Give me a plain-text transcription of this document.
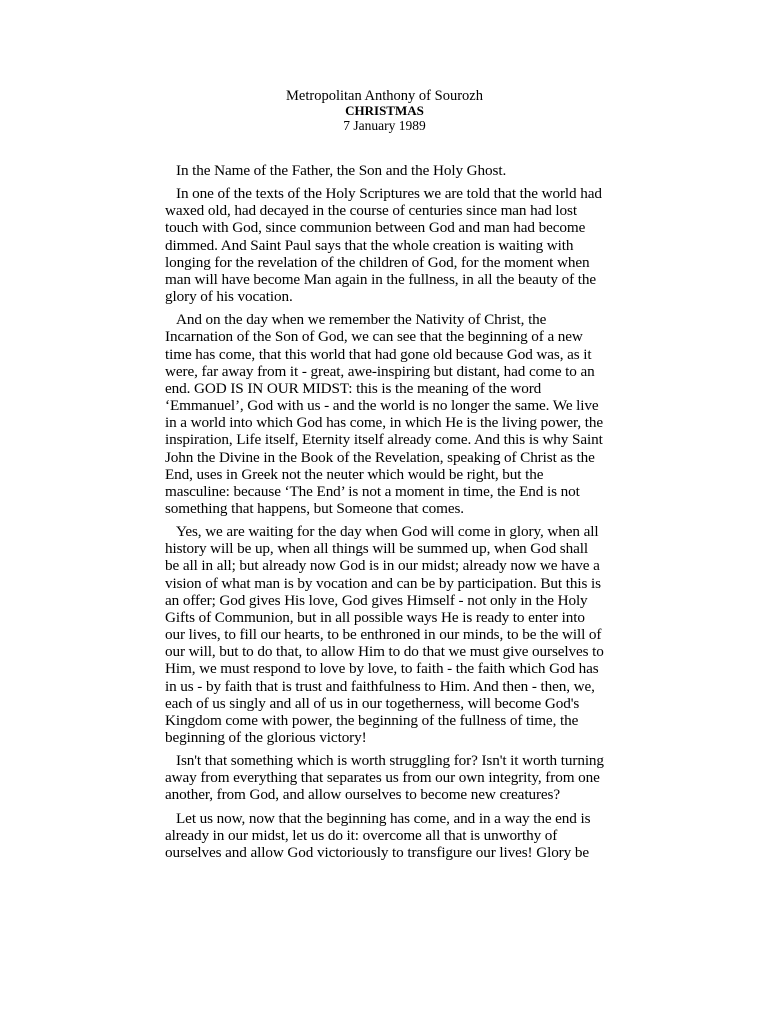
Metropolitan Anthony of Sourozh
CHRISTMAS
7 January 1989

In the Name of the Father, the Son and the Holy Ghost.

In one of the texts of the Holy Scriptures we are told that the world had waxed old, had decayed in the course of centuries since man had lost touch with God, since communion between God and man had become dimmed. And Saint Paul says that the whole creation is waiting with longing for the revelation of the children of God, for the moment when man will have become Man again in the fullness, in all the beauty of the glory of his vocation.

And on the day when we remember the Nativity of Christ, the Incarnation of the Son of God, we can see that the beginning of a new time has come, that this world that had gone old because God was, as it were, far away from it - great, awe-inspiring but distant, had come to an end. GOD IS IN OUR MIDST: this is the meaning of the word ‘Emmanuel’, God with us - and the world is no longer the same. We live in a world into which God has come, in which He is the living power, the inspiration, Life itself, Eternity itself already come. And this is why Saint John the Divine in the Book of the Revelation, speaking of Christ as the End, uses in Greek not the neuter which would be right, but the masculine: because ‘The End’ is not a moment in time, the End is not something that happens, but Someone that comes.

Yes, we are waiting for the day when God will come in glory, when all history will be up, when all things will be summed up, when God shall be all in all; but already now God is in our midst; already now we have a vision of what man is by vocation and can be by participation. But this is an offer; God gives His love, God gives Himself - not only in the Holy Gifts of Communion, but in all possible ways He is ready to enter into our lives, to fill our hearts, to be enthroned in our minds, to be the will of our will, but to do that, to allow Him to do that we must give ourselves to Him, we must respond to love by love, to faith - the faith which God has in us - by faith that is trust and faithfulness to Him. And then - then, we, each of us singly and all of us in our togetherness, will become God's Kingdom come with power, the beginning of the fullness of time, the beginning of the glorious victory!

Isn't that something which is worth struggling for? Isn't it worth turning away from everything that separates us from our own integrity, from one another, from God, and allow ourselves to become new creatures?

Let us now, now that the beginning has come, and in a way the end is already in our midst, let us do it: overcome all that is unworthy of ourselves and allow God victoriously to transfigure our lives! Glory be
